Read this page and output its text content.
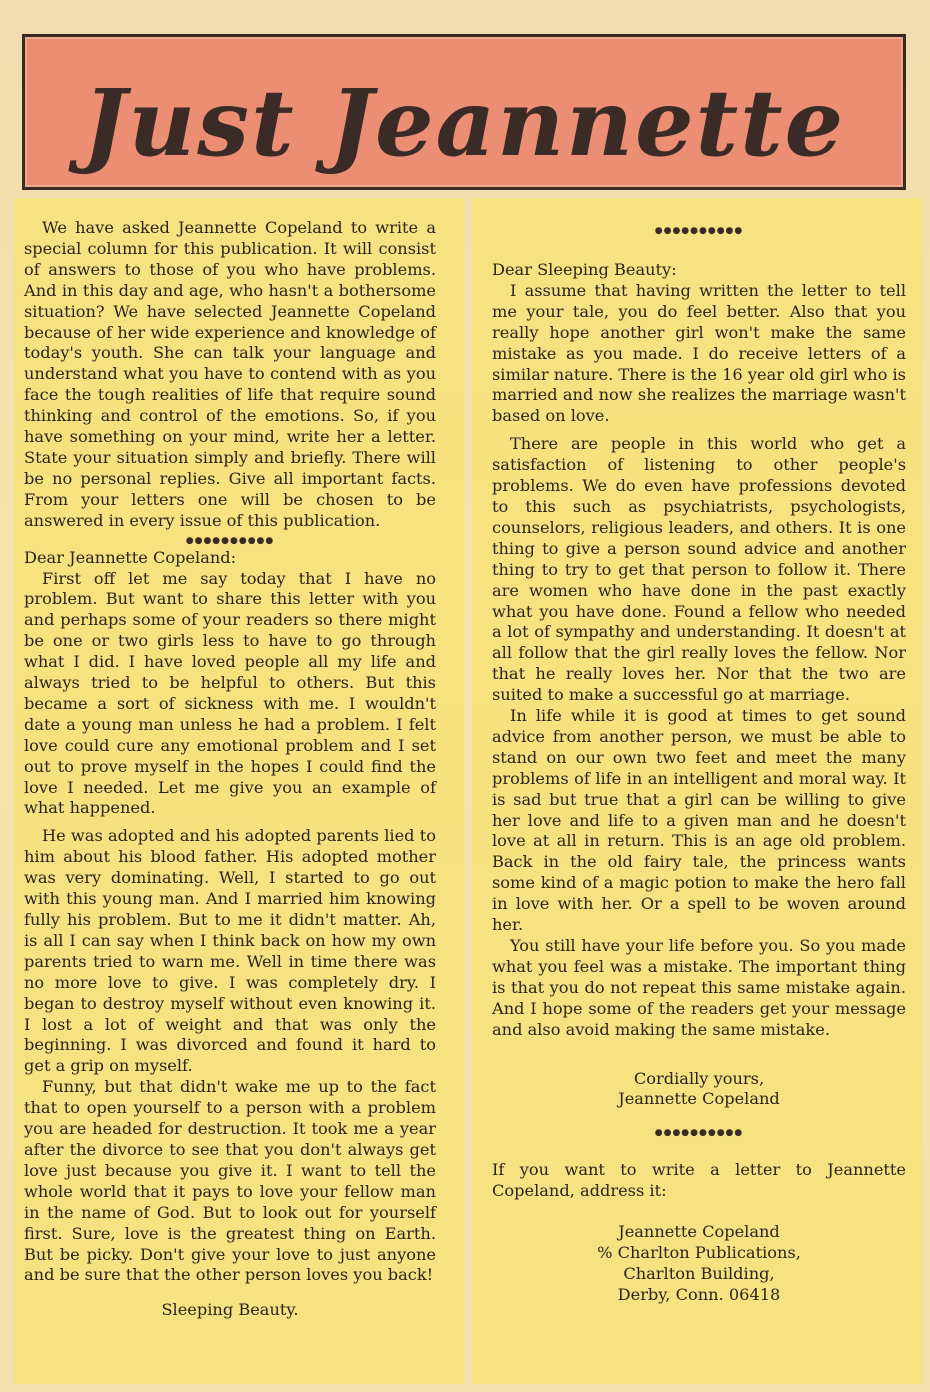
Just Jeannette

We have asked Jeannette Copeland to write a special column for this publication. It will consist of answers to those of you who have problems. And in this day and age, who hasn't a bothersome situation? We have selected Jeannette Copeland because of her wide experience and knowledge of today's youth. She can talk your language and understand what you have to contend with as you face the tough realities of life that require sound thinking and control of the emotions. So, if you have something on your mind, write her a letter. State your situation simply and briefly. There will be no personal replies. Give all important facts. From your letters one will be chosen to be answered in every issue of this publication.

●●●●●●●●●●

Dear Jeannette Copeland:

First off let me say today that I have no problem. But want to share this letter with you and perhaps some of your readers so there might be one or two girls less to have to go through what I did. I have loved people all my life and always tried to be helpful to others. But this became a sort of sickness with me. I wouldn't date a young man unless he had a problem. I felt love could cure any emotional problem and I set out to prove myself in the hopes I could find the love I needed. Let me give you an example of what happened.

He was adopted and his adopted parents lied to him about his blood father. His adopted mother was very dominating. Well, I started to go out with this young man. And I married him knowing fully his problem. But to me it didn't matter. Ah, is all I can say when I think back on how my own parents tried to warn me. Well in time there was no more love to give. I was completely dry. I began to destroy myself without even knowing it. I lost a lot of weight and that was only the beginning. I was divorced and found it hard to get a grip on myself.

Funny, but that didn't wake me up to the fact that to open yourself to a person with a problem you are headed for destruction. It took me a year after the divorce to see that you don't always get love just because you give it. I want to tell the whole world that it pays to love your fellow man in the name of God. But to look out for yourself first. Sure, love is the greatest thing on Earth. But be picky. Don't give your love to just anyone and be sure that the other person loves you back!

Sleeping Beauty.

●●●●●●●●●●

Dear Sleeping Beauty:

I assume that having written the letter to tell me your tale, you do feel better. Also that you really hope another girl won't make the same mistake as you made. I do receive letters of a similar nature. There is the 16 year old girl who is married and now she realizes the marriage wasn't based on love.

There are people in this world who get a satisfaction of listening to other people's problems. We do even have professions devoted to this such as psychiatrists, psychologists, counselors, religious leaders, and others. It is one thing to give a person sound advice and another thing to try to get that person to follow it. There are women who have done in the past exactly what you have done. Found a fellow who needed a lot of sympathy and understanding. It doesn't at all follow that the girl really loves the fellow. Nor that he really loves her. Nor that the two are suited to make a successful go at marriage.

In life while it is good at times to get sound advice from another person, we must be able to stand on our own two feet and meet the many problems of life in an intelligent and moral way. It is sad but true that a girl can be willing to give her love and life to a given man and he doesn't love at all in return. This is an age old problem. Back in the old fairy tale, the princess wants some kind of a magic potion to make the hero fall in love with her. Or a spell to be woven around her.

You still have your life before you. So you made what you feel was a mistake. The important thing is that you do not repeat this same mistake again. And I hope some of the readers get your message and also avoid making the same mistake.

Cordially yours,

Jeannette Copeland

●●●●●●●●●●

If you want to write a letter to Jeannette Copeland, address it:

Jeannette Copeland

% Charlton Publications,

Charlton Building,

Derby, Conn. 06418
